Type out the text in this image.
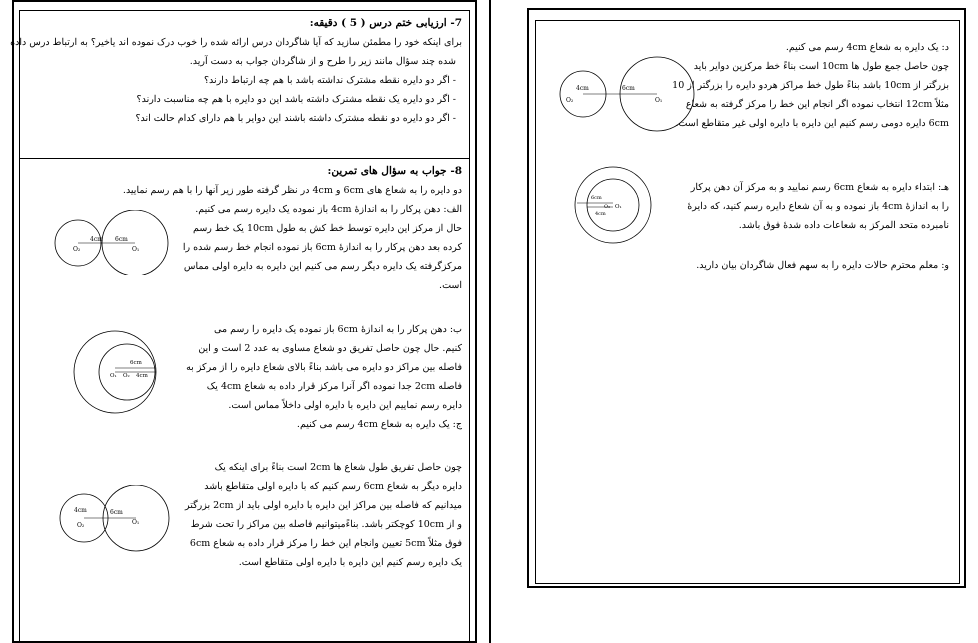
7- ارزیابی ختم درس ( 5 ) دقیقه:
برای اینکه خود را مطمئن سازید که آیا شاگردان درس ارائه شده را خوب درک نموده اند یاخیر؟ به ارتباط درس داده
شده چند سؤال مانند زیر را طرح و از شاگردان جواب به دست آرید.
- اگر دو دایره نقطه مشترک نداشته باشد با هم چه ارتباط دارند؟
- اگر دو دایره یک نقطه مشترک داشته باشد این دو دایره با هم چه مناسبت دارند؟
- اگر دو دایره دو نقطه مشترک داشته باشند این دوایر با هم دارای کدام حالت اند؟
8- جواب به سؤال های تمرین:
دو دایره را به شعاع های 6cm و 4cm در نظر گرفته طور زیر آنها را با هم رسم نمایید.
الف: دهن پرکار را به اندازۀ 4cm باز نموده یک دایره رسم می کنیم.
حال از مرکز این دایره توسط خط کش به طول 10cm یک خط رسم
کرده بعد دهن پرکار را به اندازۀ 6cm باز نموده انجام خط رسم شده را
مرکزگرفته یک دایره دیگر رسم می کنیم این دایره به دایره اولی مماس
است.
4cm 6cm
O₂	O₁
ب: دهن پرکار را به اندازۀ 6cm باز نموده یک دایره را رسم می
کنیم. حال چون حاصل تفریق دو شعاع مساوی به عدد 2 است و این
فاصله بین مراکز دو دایره می باشد بناءً بالای شعاع دایره را از مرکز به
فاصله 2cm جدا نموده اگر آنرا مرکز قرار داده به شعاع 4cm یک
دایره رسم نماییم این دایره با دایره اولی داخلاً مماس است.
ج: یک دایره به شعاع 4cm رسم می کنیم.
6cm
4cm
O₁ O₂
چون حاصل تفریق طول شعاع ها 2cm است بناءً برای اینکه یک
دایره دیگر به شعاع 6cm رسم کنیم که با دایره اولی متقاطع باشد
میدانیم که فاصله بین مراکز این دایره با دایره اولی باید از 2cm بزرگتر
و از 10cm کوچکتر باشد. بناءًمیتوانیم فاصله بین مراکز را تحت شرط
فوق مثلاً 5cm تعیین وانجام این خط را مرکز قرار داده به شعاع 6cm
یک دایره رسم کنیم این دایره با دایره اولی متقاطع است.
4cm	6cm
O₂	O₁
د: یک دایره به شعاع 4cm رسم می کنیم.
چون حاصل جمع طول ها 10cm است بناءً خط مرکزین دوایر باید
بزرگتر از 10cm باشد بناءً طول خط مراکز هردو دایره را بزرگتر از 10
مثلاً 12cm انتخاب نموده اگر انجام این خط را مرکز گرفته به شعاع
6cm دایره دومی رسم کنیم این دایره با دایره اولی غیر متقاطع است.
4cm	6cm
O₂	O₁
هـ: ابتداء دایره به شعاع 6cm رسم نمایید و به مرکز آن دهن پرکار
را به اندازۀ 4cm باز نموده و به آن شعاع دایره رسم کنید، که دایرۀ
نامبرده متحد المرکز به شعاعات داده شدۀ فوق باشد.
6cm
4cm
O₁
O₂
و: معلم محترم حالات دایره را به سهم فعال شاگردان بیان دارید.
